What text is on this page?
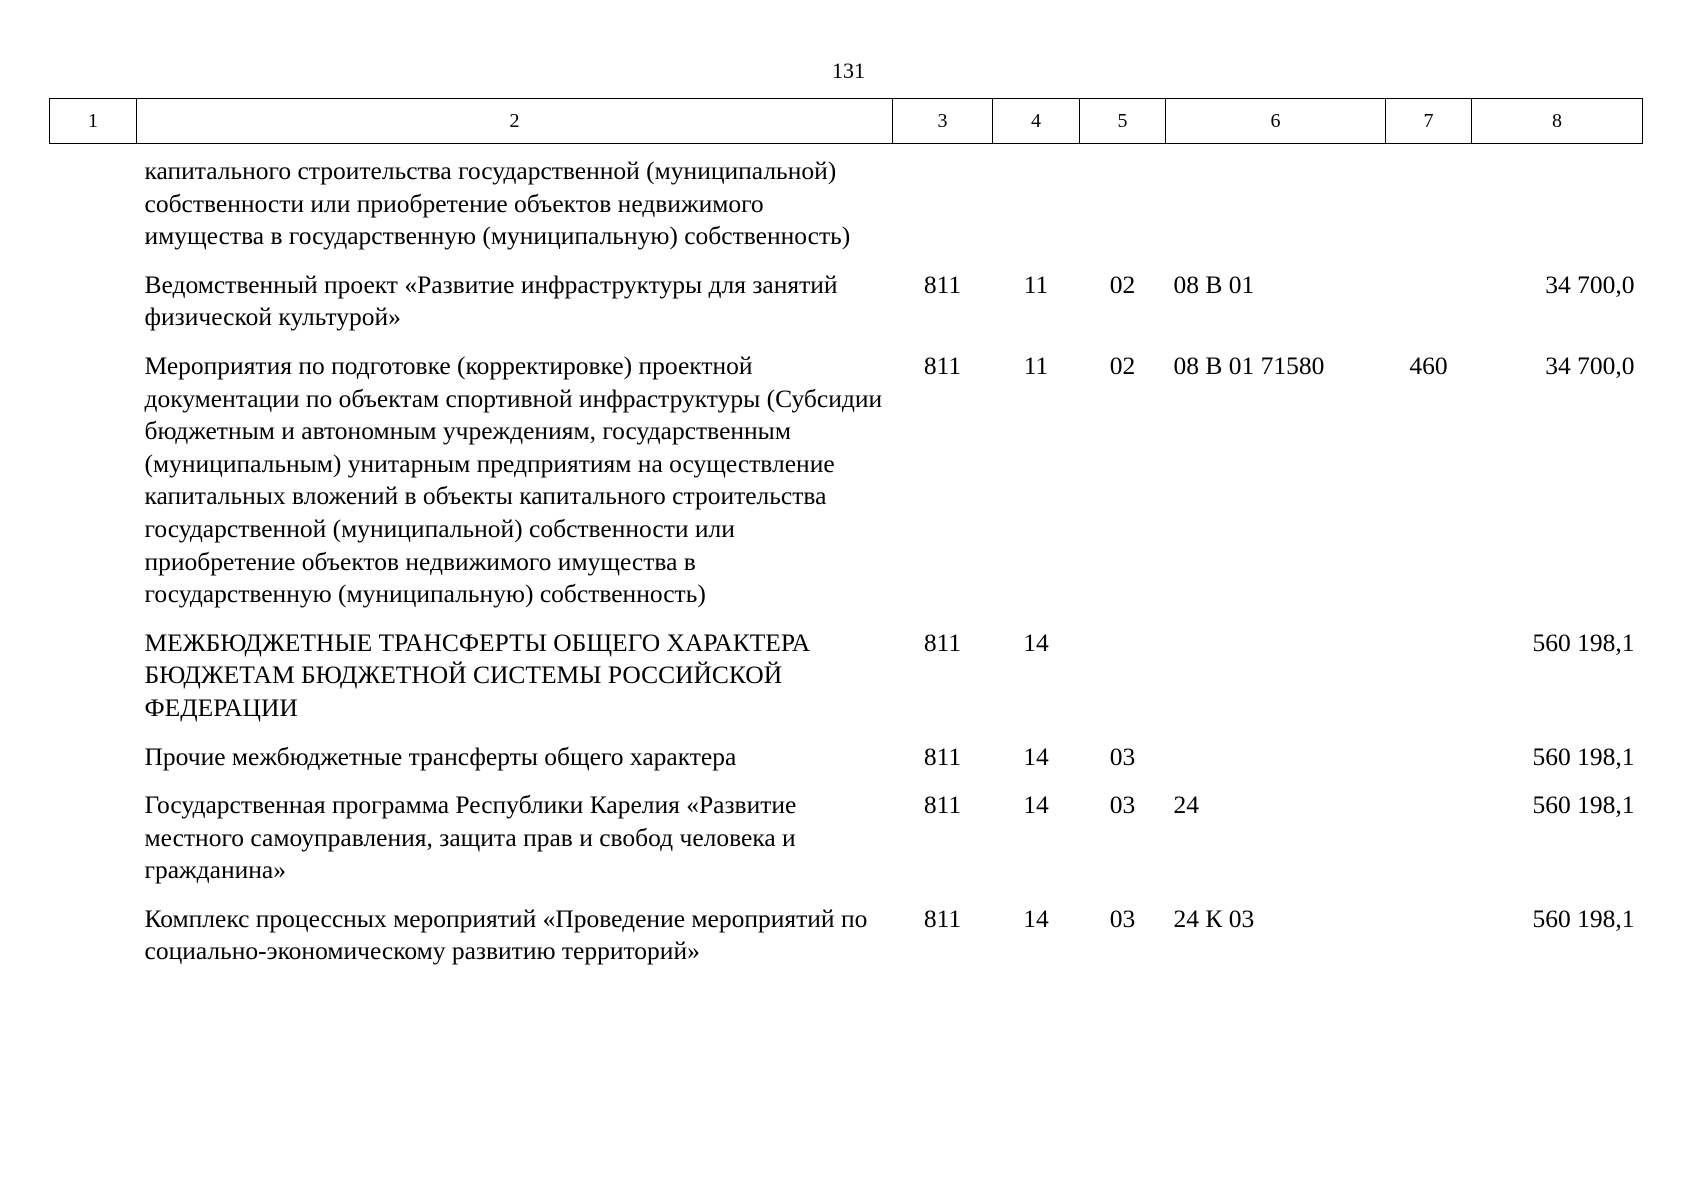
131
1	2	3	4	5	6	7	8
	капитального строительства государственной (муниципальной) собственности или приобретение объектов недвижимого имущества в государственную (муниципальную) собственность)						
	Ведомственный проект «Развитие инфраструктуры для занятий физической культурой»	811	11	02	08 В 01		34 700,0
	Мероприятия по подготовке (корректировке) проектной документации по объектам спортивной инфраструктуры (Субсидии бюджетным и автономным учреждениям, государственным (муниципальным) унитарным предприятиям на осуществление капитальных вложений в объекты капитального строительства государственной (муниципальной) собственности или приобретение объектов недвижимого имущества в государственную (муниципальную) собственность)	811	11	02	08 В 01 71580	460	34 700,0
	МЕЖБЮДЖЕТНЫЕ ТРАНСФЕРТЫ ОБЩЕГО ХАРАКТЕРА БЮДЖЕТАМ БЮДЖЕТНОЙ СИСТЕМЫ РОССИЙСКОЙ ФЕДЕРАЦИИ	811	14				560 198,1
	Прочие межбюджетные трансферты общего характера	811	14	03			560 198,1
	Государственная программа Республики Карелия «Развитие местного самоуправления, защита прав и свобод человека и гражданина»	811	14	03	24		560 198,1
	Комплекс процессных мероприятий «Проведение мероприятий по социально-экономическому развитию территорий»	811	14	03	24 К 03		560 198,1
